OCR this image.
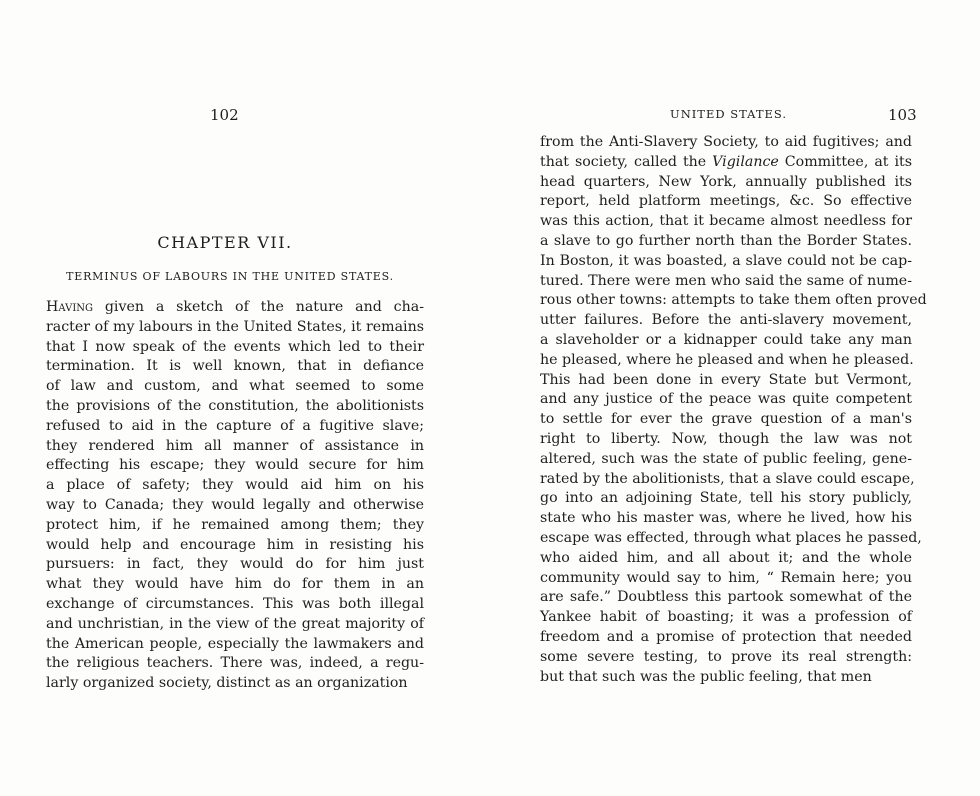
102
CHAPTER VII.
TERMINUS OF LABOURS IN THE UNITED STATES.
Having given a sketch of the nature and cha-
racter of my labours in the United States, it remains
that I now speak of the events which led to their
termination. It is well known, that in defiance
of law and custom, and what seemed to some
the provisions of the constitution, the abolitionists
refused to aid in the capture of a fugitive slave;
they rendered him all manner of assistance in
effecting his escape; they would secure for him
a place of safety; they would aid him on his
way to Canada; they would legally and otherwise
protect him, if he remained among them; they
would help and encourage him in resisting his
pursuers: in fact, they would do for him just
what they would have him do for them in an
exchange of circumstances. This was both illegal
and unchristian, in the view of the great majority of
the American people, especially the lawmakers and
the religious teachers. There was, indeed, a regu-
larly organized society, distinct as an organization
UNITED STATES.	103
from the Anti-Slavery Society, to aid fugitives; and
that society, called the Vigilance Committee, at its
head quarters, New York, annually published its
report, held platform meetings, &c. So effective
was this action, that it became almost needless for
a slave to go further north than the Border States.
In Boston, it was boasted, a slave could not be cap-
tured. There were men who said the same of nume-
rous other towns: attempts to take them often proved
utter failures. Before the anti-slavery movement,
a slaveholder or a kidnapper could take any man
he pleased, where he pleased and when he pleased.
This had been done in every State but Vermont,
and any justice of the peace was quite competent
to settle for ever the grave question of a man's
right to liberty. Now, though the law was not
altered, such was the state of public feeling, gene-
rated by the abolitionists, that a slave could escape,
go into an adjoining State, tell his story publicly,
state who his master was, where he lived, how his
escape was effected, through what places he passed,
who aided him, and all about it; and the whole
community would say to him, “ Remain here; you
are safe.” Doubtless this partook somewhat of the
Yankee habit of boasting; it was a profession of
freedom and a promise of protection that needed
some severe testing, to prove its real strength:
but that such was the public feeling, that men
